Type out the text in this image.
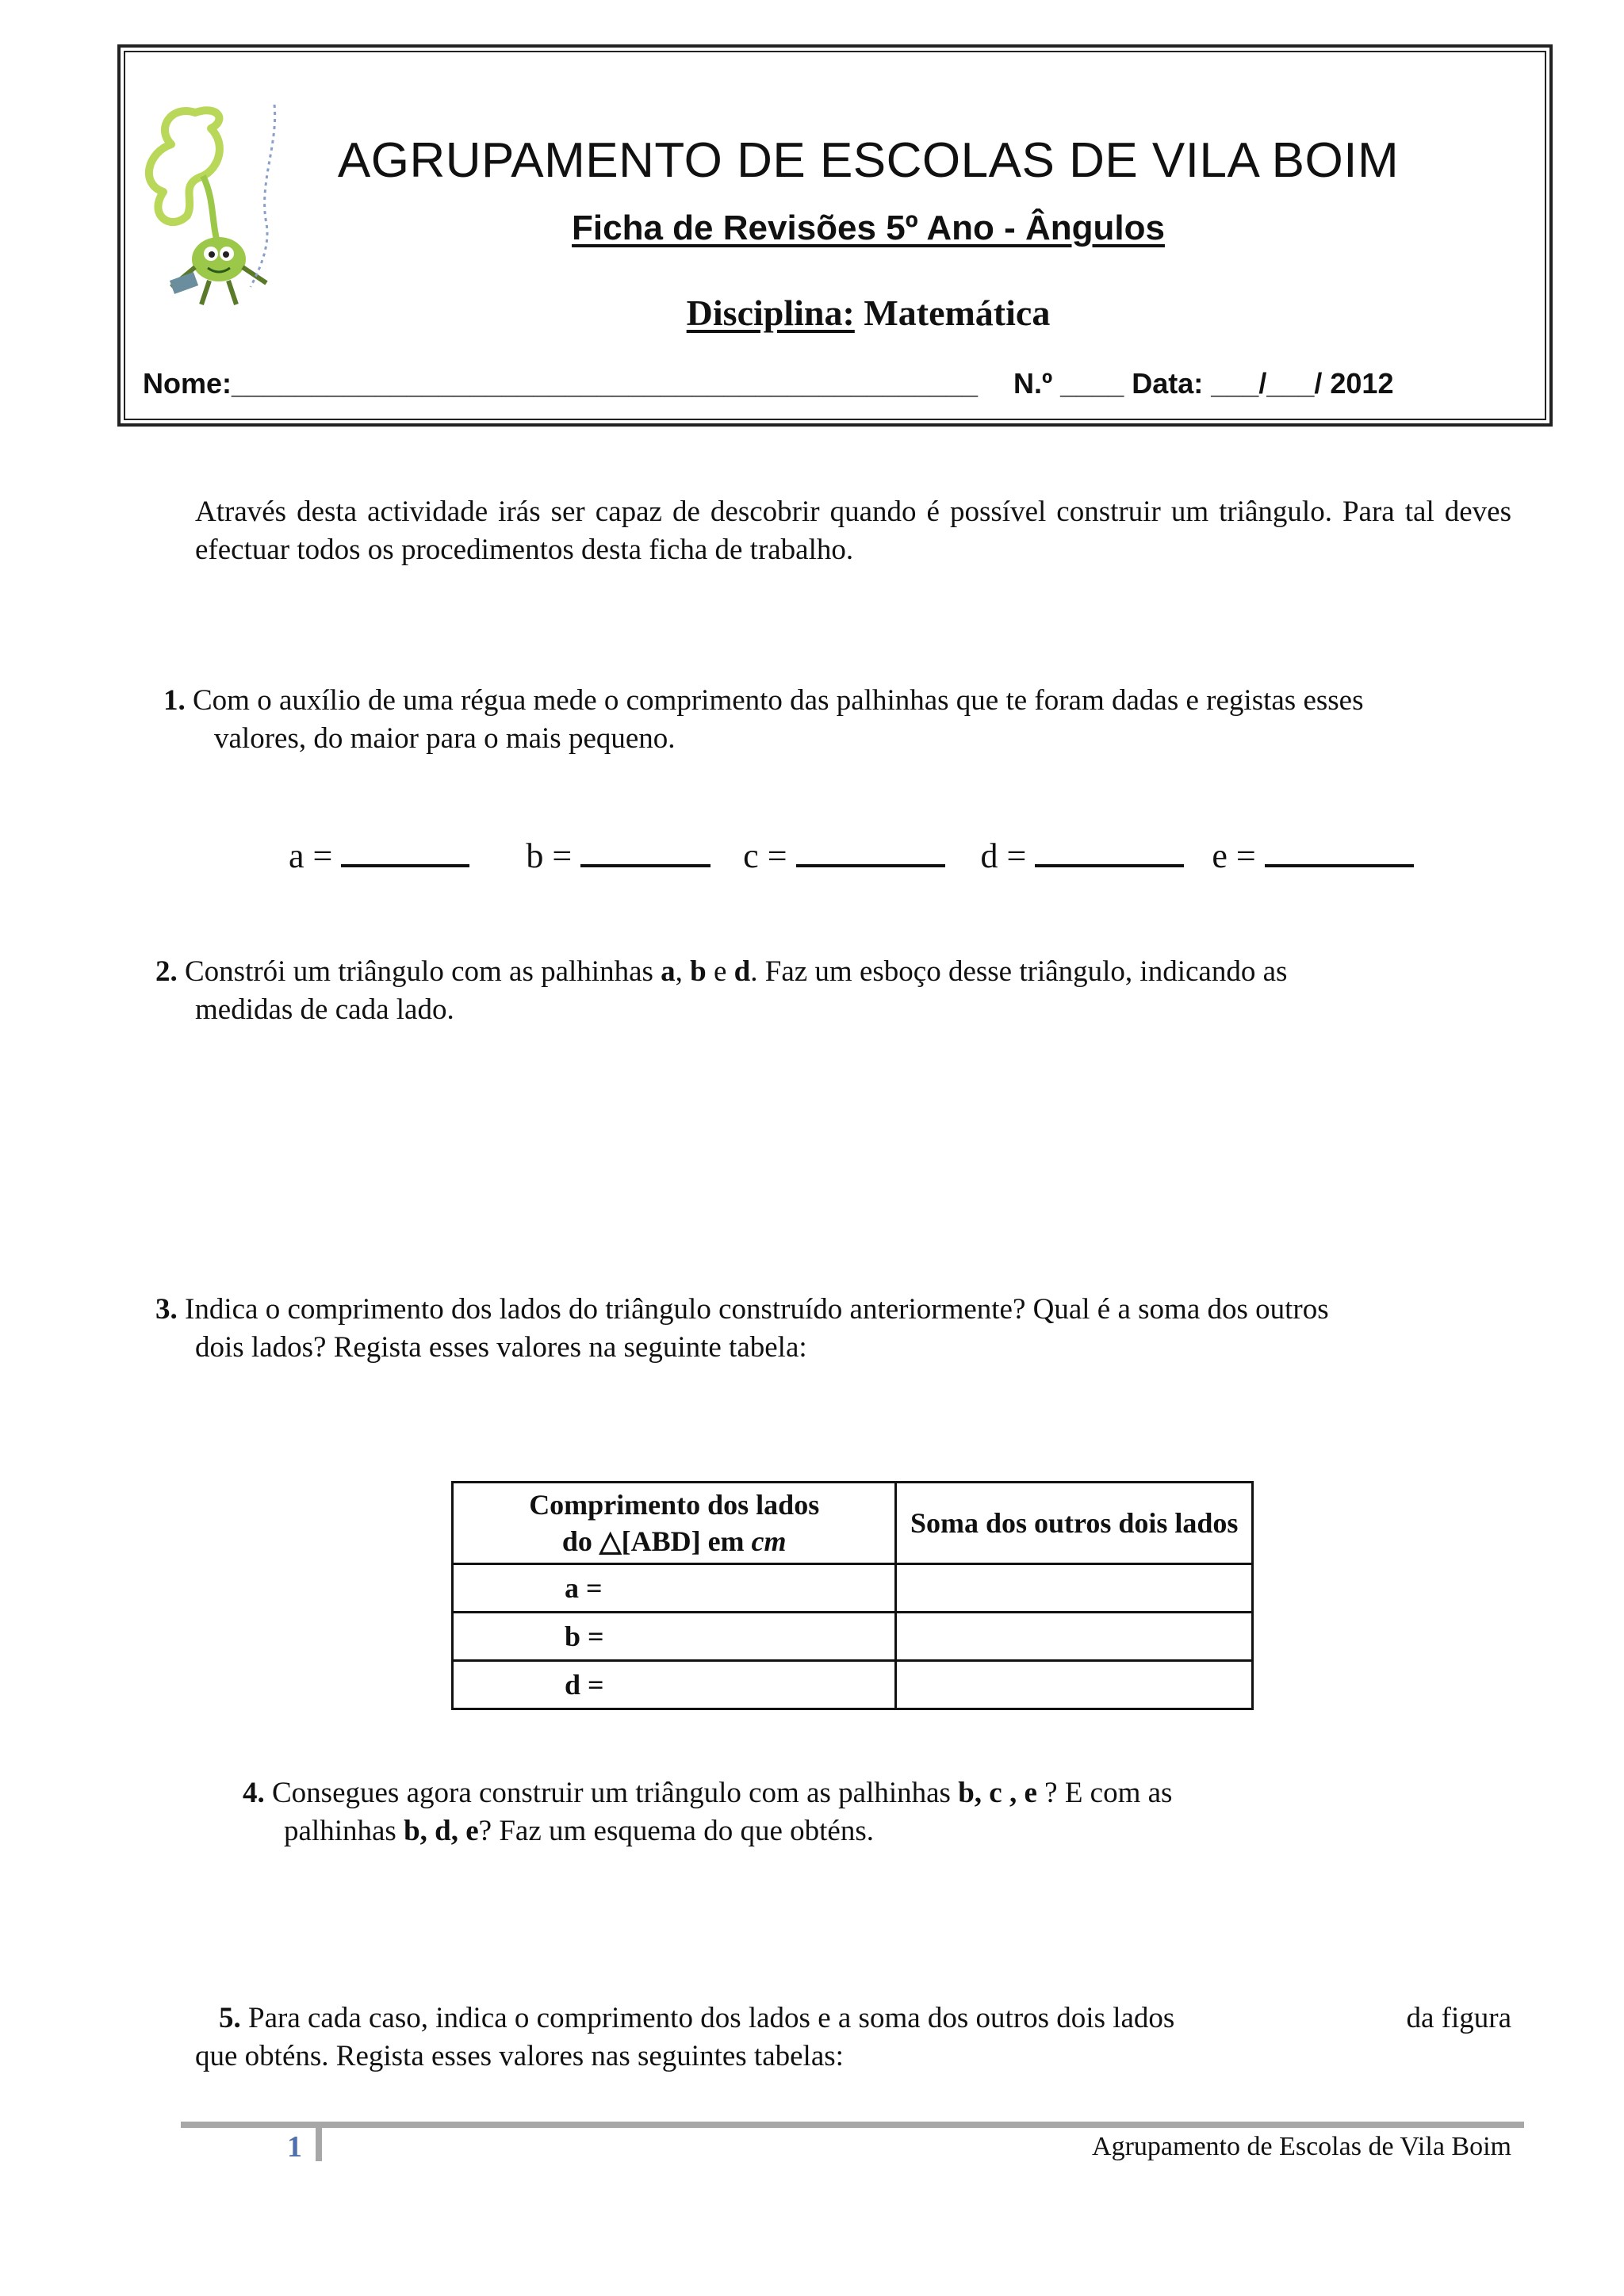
AGRUPAMENTO DE ESCOLAS DE VILA BOIM
Ficha de Revisões 5º Ano - Ângulos
Disciplina: Matemática
Nome:_______________________________________________ N.º ____ Data: ___/___/ 2012
Através desta actividade irás ser capaz de descobrir quando é possível construir um triângulo. Para tal deves efectuar todos os procedimentos desta ficha de trabalho.
1. Com o auxílio de uma régua mede o comprimento das palhinhas que te foram dadas e registas esses
valores, do maior para o mais pequeno.
a =	b =	c =	d =	e =
2. Constrói um triângulo com as palhinhas a, b e d. Faz um esboço desse triângulo, indicando as
medidas de cada lado.
3. Indica o comprimento dos lados do triângulo construído anteriormente? Qual é a soma dos outros
dois lados? Regista esses valores na seguinte tabela:
Comprimento dos lados
do △[ABD] em cm	Soma dos outros dois lados
a =	
b =	
d =	
4. Consegues agora construir um triângulo com as palhinhas b, c , e ? E com as
palhinhas b, d, e? Faz um esquema do que obténs.
5. Para cada caso, indica o comprimento dos lados e a soma dos outros dois lados	da figura
que obténs. Regista esses valores nas seguintes tabelas:
1	Agrupamento de Escolas de Vila Boim
